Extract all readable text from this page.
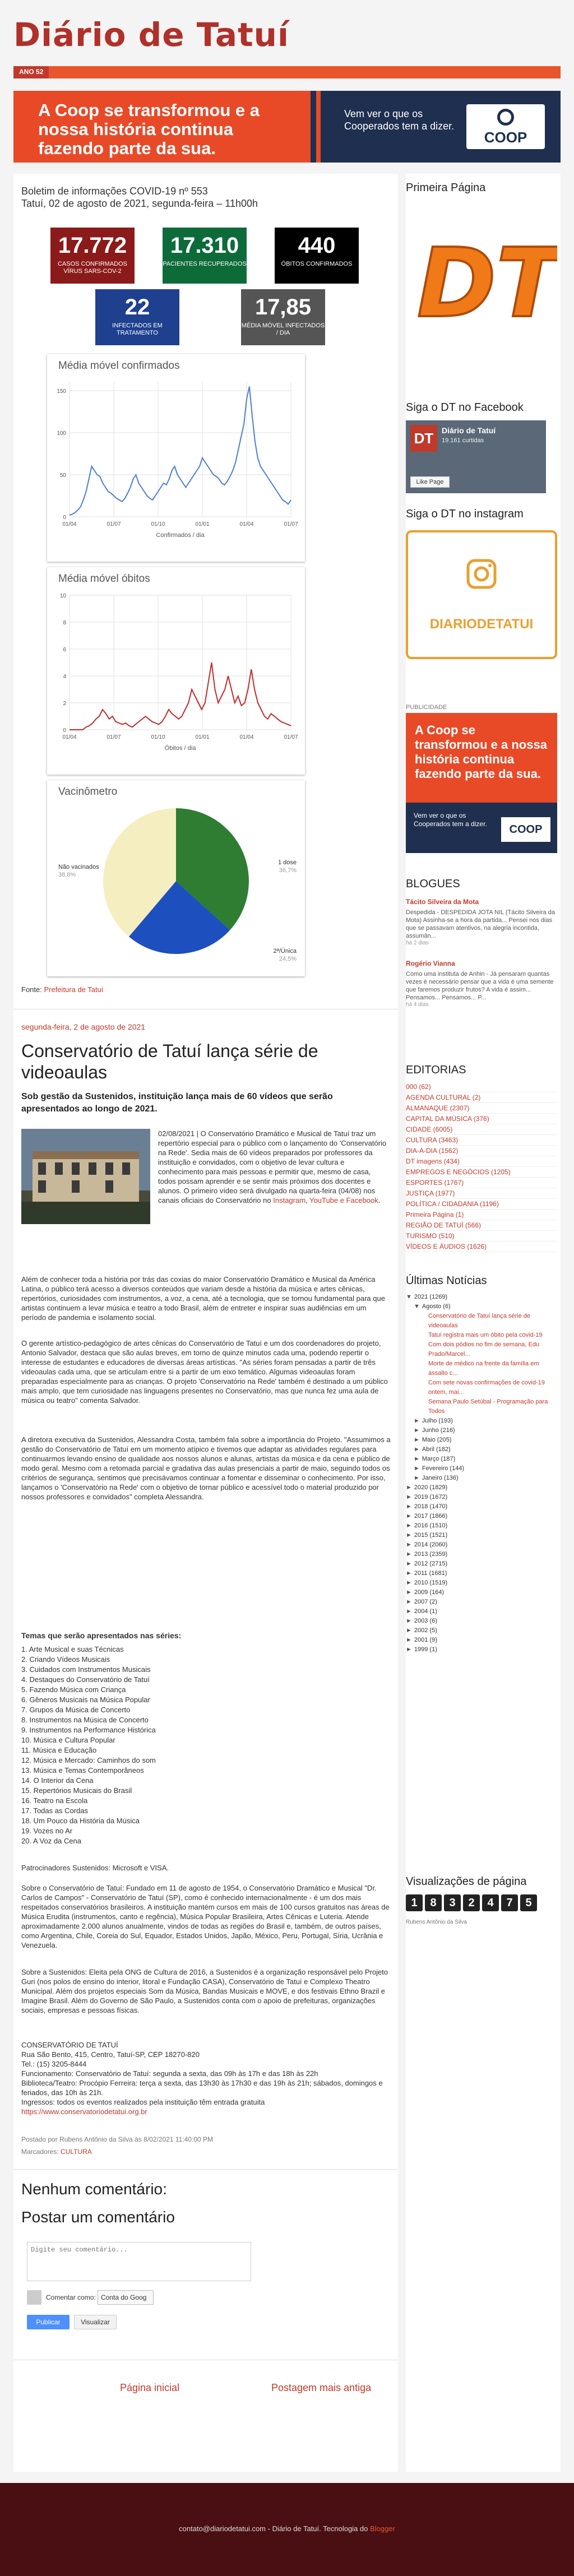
Diário de Tatuí
ANO 52
A Coop se transformou e a nossa história continua fazendo parte da sua.
Vem ver o que os Cooperados tem a dizer.
COOP
Boletim de informações COVID-19 nº 553
Tatuí, 02 de agosto de 2021, segunda-feira – 11h00h
17.772
CASOS CONFIRMADOS VÍRUS SARS-COV-2
17.310
PACIENTES RECUPERADOS
440
ÓBITOS CONFIRMADOS
22
INFECTADOS EM TRATAMENTO
17,85
MÉDIA MÓVEL INFECTADOS / DIA
Média móvel confirmados
0
50
100
150
01/04	01/07	01/10	01/01	01/04	01/07
Confirmados / dia
Média móvel óbitos
0
2
4
6
8
10
01/04	01/07	01/10	01/01	01/04	01/07
Óbitos / dia
Vacinômetro
1 dose
36,7%
2ª/Única
24,5%
Não vacinados
38,8%
Fonte: Prefeitura de Tatuí
segunda-feira, 2 de agosto de 2021
Conservatório de Tatuí lança série de videoaulas
Sob gestão da Sustenidos, instituição lança mais de 60 vídeos que serão apresentados ao longo de 2021.
02/08/2021 | O Conservatório Dramático e Musical de Tatuí traz um repertório especial para o público com o lançamento do 'Conservatório na Rede'. Sedia mais de 60 vídeos preparados por professores da instituição e convidados, com o objetivo de levar cultura e conhecimento para mais pessoas e permitir que, mesmo de casa, todos possam aprender e se sentir mais próximos dos docentes e alunos. O primeiro vídeo será divulgado na quarta-feira (04/08) nos canais oficiais do Conservatório no Instagram, YouTube e Facebook.
Além de conhecer toda a história por trás das coxias do maior Conservatório Dramático e Musical da América Latina, o público terá acesso a diversos conteúdos que variam desde a história da música e artes cênicas, repertórios, curiosidades com instrumentos, a voz, a cena, até a tecnologia, que se tornou fundamental para que artistas continuem a levar música e teatro a todo Brasil, além de entreter e inspirar suas audiências em um período de pandemia e isolamento social.
O gerente artístico-pedagógico de artes cênicas do Conservatório de Tatuí e um dos coordenadores do projeto, Antonio Salvador, destaca que são aulas breves, em torno de quinze minutos cada uma, podendo repertir o interesse de estudantes e educadores de diversas áreas artísticas. "As séries foram pensadas a partir de três videoaulas cada uma, que se articulam entre si a partir de um eixo temático. Algumas videoaulas foram preparadas especialmente para as crianças. O projeto 'Conservatório na Rede' também é destinado a um público mais amplo, que tem curiosidade nas linguagens presentes no Conservatório, mas que nunca fez uma aula de música ou teatro" comenta Salvador.
A diretora executiva da Sustenidos, Alessandra Costa, também fala sobre a importância do Projeto. "Assumimos a gestão do Conservatório de Tatuí em um momento atípico e tivemos que adaptar as atividades regulares para continuarmos levando ensino de qualidade aos nossos alunos e alunas, artistas da música e da cena e público de modo geral. Mesmo com a retomada parcial e gradativa das aulas presenciais a partir de maio, seguindo todos os critérios de segurança, sentimos que precisávamos continuar a fomentar e disseminar o conhecimento. Por isso, lançamos o 'Conservatório na Rede' com o objetivo de tornar público e acessível todo o material produzido por nossos professores e convidados" completa Alessandra.
Temas que serão apresentados nas séries:
1. Arte Musical e suas Técnicas
2. Criando Vídeos Musicais
3. Cuidados com Instrumentos Musicais
4. Destaques do Conservatório de Tatuí
5. Fazendo Música com Criança
6. Gêneros Musicais na Música Popular
7. Grupos da Música de Concerto
8. Instrumentos na Música de Concerto
9. Instrumentos na Performance Histórica
10. Música e Cultura Popular
11. Música e Educação
12. Música e Mercado: Caminhos do som
13. Música e Temas Contemporâneos
14. O Interior da Cena
15. Repertórios Musicais do Brasil
16. Teatro na Escola
17. Todas as Cordas
18. Um Pouco da História da Música
19. Vozes no Ar
20. A Voz da Cena
Patrocinadores Sustenidos: Microsoft e VISA.
Sobre o Conservatório de Tatuí: Fundado em 11 de agosto de 1954, o Conservatório Dramático e Musical "Dr. Carlos de Campos" - Conservatório de Tatuí (SP), como é conhecido internacionalmente - é um dos mais respeitados conservatórios brasileiros. A instituição mantém cursos em mais de 100 cursos gratuitos nas áreas de Música Erudita (instrumentos, canto e regência), Música Popular Brasileira, Artes Cênicas e Luteria. Atende aproximadamente 2.000 alunos anualmente, vindos de todas as regiões do Brasil e, também, de outros países, como Argentina, Chile, Coreia do Sul, Equador, Estados Unidos, Japão, México, Peru, Portugal, Síria, Ucrânia e Venezuela.
Sobre a Sustenidos: Eleita pela ONG de Cultura de 2016, a Sustenidos é a organização responsável pelo Projeto Guri (nos polos de ensino do interior, litoral e Fundação CASA), Conservatório de Tatuí e Complexo Theatro Municipal. Além dos projetos especiais Som da Música, Bandas Musicais e MOVE, e dos festivais Ethno Brazil e Imagine Brasil. Além do Governo de São Paulo, a Sustenidos conta com o apoio de prefeituras, organizações sociais, empresas e pessoas físicas.
CONSERVATÓRIO DE TATUÍ
Rua São Bento, 415, Centro, Tatuí-SP, CEP 18270-820
Tel.: (15) 3205-8444
Funcionamento: Conservatório de Tatuí: segunda a sexta, das 09h às 17h e das 18h às 22h
Biblioteca/Teatro: Procópio Ferreira: terça a sexta, das 13h30 às 17h30 e das 19h às 21h; sábados, domingos e feriados, das 10h às 21h.
Ingressos: todos os eventos realizados pela instituição têm entrada gratuita
https://www.conservatoriodetatui.org.br
Postado por Rubens Antônio da Silva às 8/02/2021 11:40:00 PM
Marcadores: CULTURA
Nenhum comentário:
Postar um comentário
Digite seu comentário...
Comentar como: Conta do Goog
Publicar	Visualizar
Página inicial	Postagem mais antiga
Primeira Página
DT
Siga o DT no Facebook
DT	Diário de Tatuí
19.161 curtidas
Like Page
Siga o DT no instagram
DIARIODETATUI
PUBLICIDADE
A Coop se transformou e a nossa história continua fazendo parte da sua.
Vem ver o que os Cooperados tem a dizer.	COOP
BLOGUES
Tácito Silveira da Mota
Despedida - DESPEDIDA JOTA NIL (Tácito Silveira da Mota) Assinha-se a hora da partida... Pensei nos dias que se passavam atentivos, na alegria incontida, assumân...
há 2 dias
Rogério Vianna
Como uma instituta de Anhin - Já pensaram quantas vezes é necessário pensar que a vida é uma semente que faremos produzir frutos? A vida é assim... Pensamos... Pensamos... P...
há 4 dias
EDITORIAS
000 (62)
AGENDA CULTURAL (2)
ALMANAQUE (2307)
CAPITAL DA MÚSICA (376)
CIDADE (6005)
CULTURA (3463)
DIA-A-DIA (1562)
DT imagens (434)
EMPREGOS E NEGÓCIOS (1205)
ESPORTES (1767)
JUSTIÇA (1977)
POLÍTICA / CIDADANIA (1196)
Primeira Página (1)
REGIÃO DE TATUÍ (566)
TURISMO (510)
VÍDEOS E ÁUDIOS (1626)
Últimas Notícias
▼ 2021 (1269)
▼ Agosto (6)
Conservatório de Tatuí lança série de videoaulas
Tatuí registra mais um óbito pela covid-19
Com dois pódios no fim de semana, Edu Prado/Marcel...
Morte de médico na frente da família em assalto c...
Com sete novas confirmações de covid-19 ontem, mai...
Semana Paulo Setúbal - Programação para Todos
► Julho (193)
► Junho (216)
► Maio (205)
► Abril (182)
► Março (187)
► Fevereiro (144)
► Janeiro (136)
► 2020 (1829)
► 2019 (1672)
► 2018 (1470)
► 2017 (1866)
► 2016 (1510)
► 2015 (1521)
► 2014 (2060)
► 2013 (2359)
► 2012 (2715)
► 2011 (1681)
► 2010 (1519)
► 2009 (164)
► 2007 (2)
► 2004 (1)
► 2003 (6)
► 2002 (5)
► 2001 (9)
► 1999 (1)
Visualizações de página
1 8 3 2 4 7 5
Rubens Antônio da Silva
contato@diariodetatui.com - Diário de Tatuí. Tecnologia do Blogger
